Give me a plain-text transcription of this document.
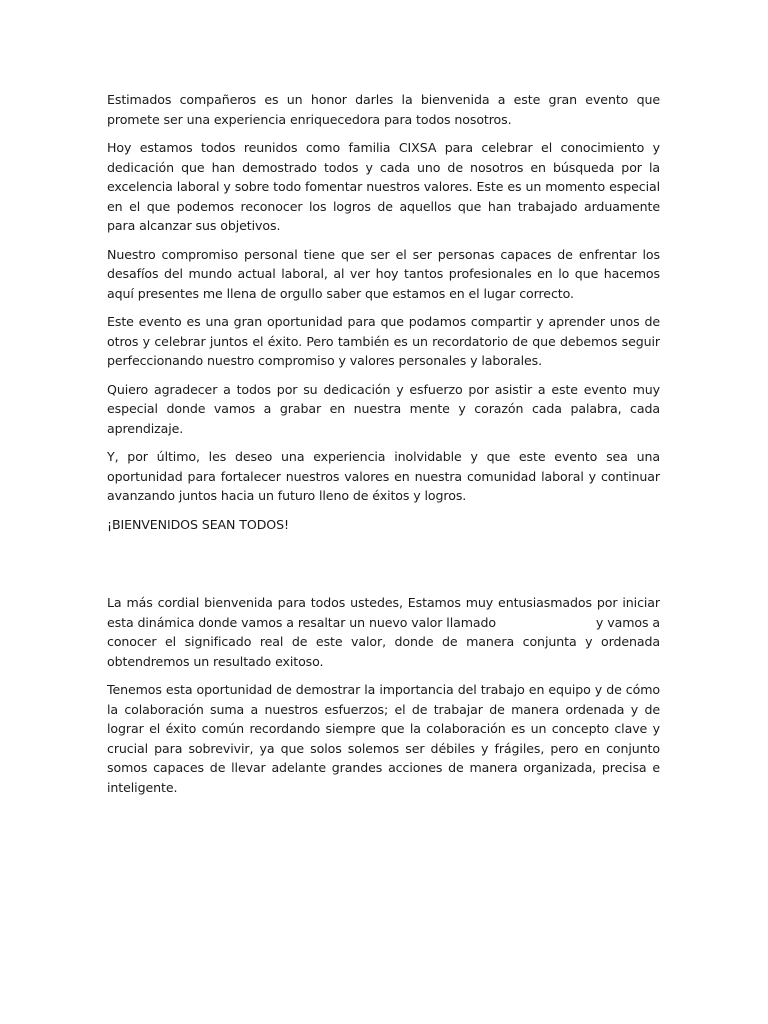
Estimados compañeros es un honor darles la bienvenida a este gran evento que promete ser una experiencia enriquecedora para todos nosotros.

Hoy estamos todos reunidos como familia CIXSA para celebrar el conocimiento y dedicación que han demostrado todos y cada uno de nosotros en búsqueda por la excelencia laboral y sobre todo fomentar nuestros valores. Este es un momento especial en el que podemos reconocer los logros de aquellos que han trabajado arduamente para alcanzar sus objetivos.

Nuestro compromiso personal tiene que ser el ser personas capaces de enfrentar los desafíos del mundo actual laboral, al ver hoy tantos profesionales en lo que hacemos aquí presentes me llena de orgullo saber que estamos en el lugar correcto.

Este evento es una gran oportunidad para que podamos compartir y aprender unos de otros y celebrar juntos el éxito. Pero también es un recordatorio de que debemos seguir perfeccionando nuestro compromiso y valores personales y laborales.

Quiero agradecer a todos por su dedicación y esfuerzo por asistir a este evento muy especial donde vamos a grabar en nuestra mente y corazón cada palabra, cada aprendizaje.

Y, por último, les deseo una experiencia inolvidable y que este evento sea una oportunidad para fortalecer nuestros valores en nuestra comunidad laboral y continuar avanzando juntos hacia un futuro lleno de éxitos y logros.

¡BIENVENIDOS SEAN TODOS!

La más cordial bienvenida para todos ustedes, Estamos muy entusiasmados por iniciar esta dinámica donde vamos a resaltar un nuevo valor llamado	y vamos a conocer el significado real de este valor, donde de manera conjunta y ordenada obtendremos un resultado exitoso.

Tenemos esta oportunidad de demostrar la importancia del trabajo en equipo y de cómo la colaboración suma a nuestros esfuerzos; el de trabajar de manera ordenada y de lograr el éxito común recordando siempre que la colaboración es un concepto clave y crucial para sobrevivir, ya que solos solemos ser débiles y frágiles, pero en conjunto somos capaces de llevar adelante grandes acciones de manera organizada, precisa e inteligente.
